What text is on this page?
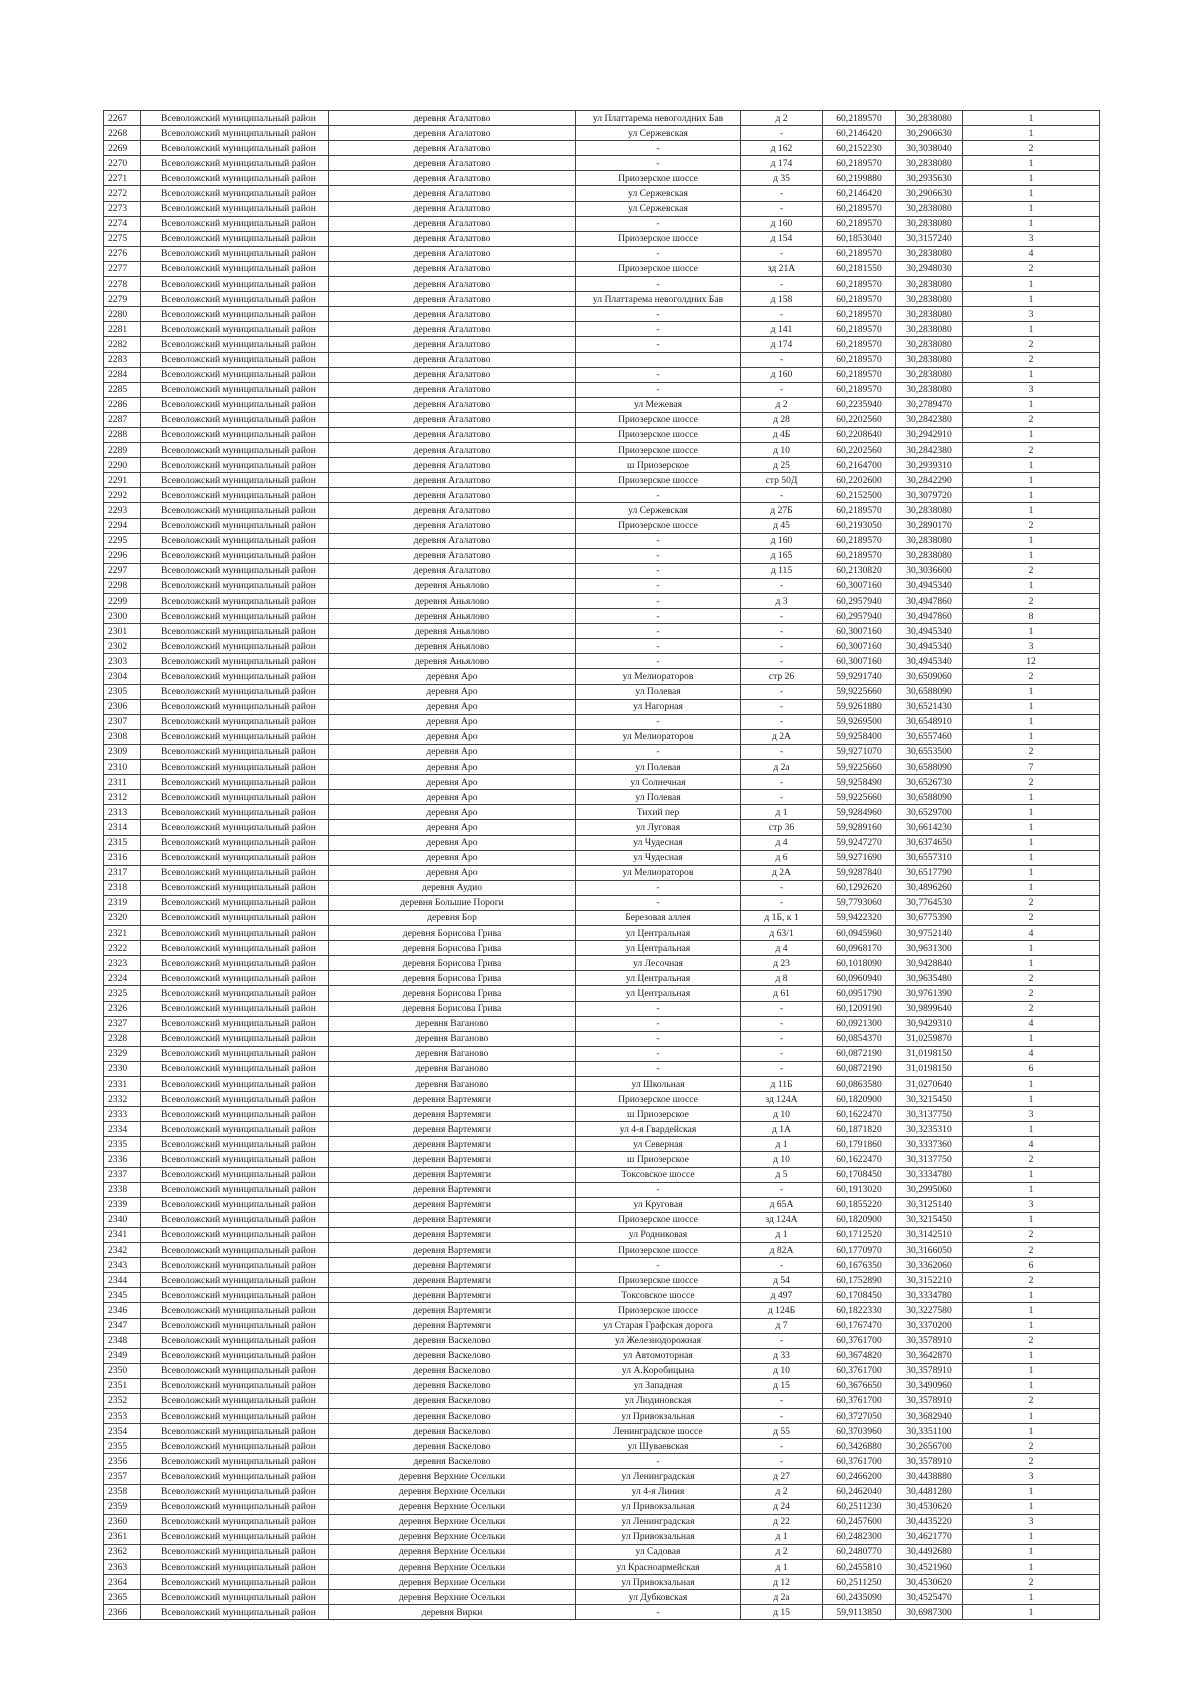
2267	Всеволожский муниципальный район	деревня Агалатово	ул Платтарема невоголдних Бав	д 2	60,2189570	30,2838080	1
2268	Всеволожский муниципальный район	деревня Агалатово	ул Сержевская	-	60,2146420	30,2906630	1
2269	Всеволожский муниципальный район	деревня Агалатово	-	д 162	60,2152230	30,3038040	2
2270	Всеволожский муниципальный район	деревня Агалатово	-	д 174	60,2189570	30,2838080	1
2271	Всеволожский муниципальный район	деревня Агалатово	Приозерское шоссе	д 35	60,2199880	30,2935630	1
2272	Всеволожский муниципальный район	деревня Агалатово	ул Сержевская	-	60,2146420	30,2906630	1
2273	Всеволожский муниципальный район	деревня Агалатово	ул Сержевская	-	60,2189570	30,2838080	1
2274	Всеволожский муниципальный район	деревня Агалатово	-	д 160	60,2189570	30,2838080	1
2275	Всеволожский муниципальный район	деревня Агалатово	Приозерское шоссе	д 154	60,1853040	30,3157240	3
2276	Всеволожский муниципальный район	деревня Агалатово	-	-	60,2189570	30,2838080	4
2277	Всеволожский муниципальный район	деревня Агалатово	Приозерское шоссе	зд 21А	60,2181550	30,2948030	2
2278	Всеволожский муниципальный район	деревня Агалатово	-	-	60,2189570	30,2838080	1
2279	Всеволожский муниципальный район	деревня Агалатово	ул Платтарема невоголдних Бав	д 158	60,2189570	30,2838080	1
2280	Всеволожский муниципальный район	деревня Агалатово	-	-	60,2189570	30,2838080	3
2281	Всеволожский муниципальный район	деревня Агалатово	-	д 141	60,2189570	30,2838080	1
2282	Всеволожский муниципальный район	деревня Агалатово	-	д 174	60,2189570	30,2838080	2
2283	Всеволожский муниципальный район	деревня Агалатово		-	60,2189570	30,2838080	2
2284	Всеволожский муниципальный район	деревня Агалатово	-	д 160	60,2189570	30,2838080	1
2285	Всеволожский муниципальный район	деревня Агалатово	-	-	60,2189570	30,2838080	3
2286	Всеволожский муниципальный район	деревня Агалатово	ул Межевая	д 2	60,2235940	30,2789470	1
2287	Всеволожский муниципальный район	деревня Агалатово	Приозерское шоссе	д 28	60,2202560	30,2842380	2
2288	Всеволожский муниципальный район	деревня Агалатово	Приозерское шоссе	д 4Б	60,2208640	30,2942910	1
2289	Всеволожский муниципальный район	деревня Агалатово	Приозерское шоссе	д 10	60,2202560	30,2842380	2
2290	Всеволожский муниципальный район	деревня Агалатово	ш Приозерское	д 25	60,2164700	30,2939310	1
2291	Всеволожский муниципальный район	деревня Агалатово	Приозерское шоссе	стр 50Д	60,2202600	30,2842290	1
2292	Всеволожский муниципальный район	деревня Агалатово	-	-	60,2152500	30,3079720	1
2293	Всеволожский муниципальный район	деревня Агалатово	ул Сержевская	д 27Б	60,2189570	30,2838080	1
2294	Всеволожский муниципальный район	деревня Агалатово	Приозерское шоссе	д 45	60,2193050	30,2890170	2
2295	Всеволожский муниципальный район	деревня Агалатово	-	д 160	60,2189570	30,2838080	1
2296	Всеволожский муниципальный район	деревня Агалатово	-	д 165	60,2189570	30,2838080	1
2297	Всеволожский муниципальный район	деревня Агалатово	-	д 115	60,2130820	30,3036600	2
2298	Всеволожский муниципальный район	деревня Аньялово	-	-	60,3007160	30,4945340	1
2299	Всеволожский муниципальный район	деревня Аньялово	-	д 3	60,2957940	30,4947860	2
2300	Всеволожский муниципальный район	деревня Аньялово	-	-	60,2957940	30,4947860	8
2301	Всеволожский муниципальный район	деревня Аньялово	-	-	60,3007160	30,4945340	1
2302	Всеволожский муниципальный район	деревня Аньялово	-	-	60,3007160	30,4945340	3
2303	Всеволожский муниципальный район	деревня Аньялово	-	-	60,3007160	30,4945340	12
2304	Всеволожский муниципальный район	деревня Аро	ул Мелиораторов	стр 26	59,9291740	30,6509060	2
2305	Всеволожский муниципальный район	деревня Аро	ул Полевая	-	59,9225660	30,6588090	1
2306	Всеволожский муниципальный район	деревня Аро	ул Нагорная	-	59,9261880	30,6521430	1
2307	Всеволожский муниципальный район	деревня Аро	-	-	59,9269500	30,6548910	1
2308	Всеволожский муниципальный район	деревня Аро	ул Мелиораторов	д 2А	59,9258400	30,6557460	1
2309	Всеволожский муниципальный район	деревня Аро	-	-	59,9271070	30,6553500	2
2310	Всеволожский муниципальный район	деревня Аро	ул Полевая	д 2а	59,9225660	30,6588090	7
2311	Всеволожский муниципальный район	деревня Аро	ул Солнечная	-	59,9258490	30,6526730	2
2312	Всеволожский муниципальный район	деревня Аро	ул Полевая	-	59,9225660	30,6588090	1
2313	Всеволожский муниципальный район	деревня Аро	Тихий пер	д 1	59,9284960	30,6529700	1
2314	Всеволожский муниципальный район	деревня Аро	ул Луговая	стр 36	59,9289160	30,6614230	1
2315	Всеволожский муниципальный район	деревня Аро	ул Чудесная	д 4	59,9247270	30,6374650	1
2316	Всеволожский муниципальный район	деревня Аро	ул Чудесная	д 6	59,9271690	30,6557310	1
2317	Всеволожский муниципальный район	деревня Аро	ул Мелиораторов	д 2А	59,9287840	30,6517790	1
2318	Всеволожский муниципальный район	деревня Аудио	-	-	60,1292620	30,4896260	1
2319	Всеволожский муниципальный район	деревня Большие Пороги	-	-	59,7793060	30,7764530	2
2320	Всеволожский муниципальный район	деревня Бор	Березовая аллея	д 1Б, к 1	59,9422320	30,6775390	2
2321	Всеволожский муниципальный район	деревня Борисова Грива	ул Центральная	д 63/1	60,0945960	30,9752140	4
2322	Всеволожский муниципальный район	деревня Борисова Грива	ул Центральная	д 4	60,0968170	30,9631300	1
2323	Всеволожский муниципальный район	деревня Борисова Грива	ул Лесочная	д 23	60,1018090	30,9428840	1
2324	Всеволожский муниципальный район	деревня Борисова Грива	ул Центральная	д 8	60,0960940	30,9635480	2
2325	Всеволожский муниципальный район	деревня Борисова Грива	ул Центральная	д 61	60,0951790	30,9761390	2
2326	Всеволожский муниципальный район	деревня Борисова Грива	-	-	60,1209190	30,9899640	2
2327	Всеволожский муниципальный район	деревня Ваганово	-	-	60,0921300	30,9429310	4
2328	Всеволожский муниципальный район	деревня Ваганово	-	-	60,0854370	31,0259870	1
2329	Всеволожский муниципальный район	деревня Ваганово	-	-	60,0872190	31,0198150	4
2330	Всеволожский муниципальный район	деревня Ваганово	-	-	60,0872190	31,0198150	6
2331	Всеволожский муниципальный район	деревня Ваганово	ул Школьная	д 11Б	60,0863580	31,0270640	1
2332	Всеволожский муниципальный район	деревня Вартемяги	Приозерское шоссе	зд 124А	60,1820900	30,3215450	1
2333	Всеволожский муниципальный район	деревня Вартемяги	ш Приозерское	д 10	60,1622470	30,3137750	3
2334	Всеволожский муниципальный район	деревня Вартемяги	ул 4-я Гвардейская	д 1А	60,1871820	30,3235310	1
2335	Всеволожский муниципальный район	деревня Вартемяги	ул Северная	д 1	60,1791860	30,3337360	4
2336	Всеволожский муниципальный район	деревня Вартемяги	ш Приозерское	д 10	60,1622470	30,3137750	2
2337	Всеволожский муниципальный район	деревня Вартемяги	Токсовское шоссе	д 5	60,1708450	30,3334780	1
2338	Всеволожский муниципальный район	деревня Вартемяги	-	-	60,1913020	30,2995060	1
2339	Всеволожский муниципальный район	деревня Вартемяги	ул Круговая	д 65А	60,1855220	30,3125140	3
2340	Всеволожский муниципальный район	деревня Вартемяги	Приозерское шоссе	зд 124А	60,1820900	30,3215450	1
2341	Всеволожский муниципальный район	деревня Вартемяги	ул Родниковая	д 1	60,1712520	30,3142510	2
2342	Всеволожский муниципальный район	деревня Вартемяги	Приозерское шоссе	д 82А	60,1770970	30,3166050	2
2343	Всеволожский муниципальный район	деревня Вартемяги	-	-	60,1676350	30,3362060	6
2344	Всеволожский муниципальный район	деревня Вартемяги	Приозерское шоссе	д 54	60,1752890	30,3152210	2
2345	Всеволожский муниципальный район	деревня Вартемяги	Токсовское шоссе	д 497	60,1708450	30,3334780	1
2346	Всеволожский муниципальный район	деревня Вартемяги	Приозерское шоссе	д 124Б	60,1822330	30,3227580	1
2347	Всеволожский муниципальный район	деревня Вартемяги	ул Старая Графская дорога	д 7	60,1767470	30,3370200	1
2348	Всеволожский муниципальный район	деревня Васкелово	ул Железнодорожная	-	60,3761700	30,3578910	2
2349	Всеволожский муниципальный район	деревня Васкелово	ул Автомоторная	д 33	60,3674820	30,3642870	1
2350	Всеволожский муниципальный район	деревня Васкелово	ул А.Коробицына	д 10	60,3761700	30,3578910	1
2351	Всеволожский муниципальный район	деревня Васкелово	ул Западная	д 15	60,3676650	30,3490960	1
2352	Всеволожский муниципальный район	деревня Васкелово	ул Людиновская	-	60,3761700	30,3578910	2
2353	Всеволожский муниципальный район	деревня Васкелово	ул Привокзальная	-	60,3727050	30,3682940	1
2354	Всеволожский муниципальный район	деревня Васкелово	Ленинградское шоссе	д 55	60,3703960	30,3351100	1
2355	Всеволожский муниципальный район	деревня Васкелово	ул Шуваевская	-	60,3426880	30,2656700	2
2356	Всеволожский муниципальный район	деревня Васкелово	-	-	60,3761700	30,3578910	2
2357	Всеволожский муниципальный район	деревня Верхние Осельки	ул Ленинградская	д 27	60,2466200	30,4438880	3
2358	Всеволожский муниципальный район	деревня Верхние Осельки	ул 4-я Линия	д 2	60,2462040	30,4481280	1
2359	Всеволожский муниципальный район	деревня Верхние Осельки	ул Привокзальная	д 24	60,2511230	30,4530620	1
2360	Всеволожский муниципальный район	деревня Верхние Осельки	ул Ленинградская	д 22	60,2457600	30,4435220	3
2361	Всеволожский муниципальный район	деревня Верхние Осельки	ул Привокзальная	д 1	60,2482300	30,4621770	1
2362	Всеволожский муниципальный район	деревня Верхние Осельки	ул Садовая	д 2	60,2480770	30,4492680	1
2363	Всеволожский муниципальный район	деревня Верхние Осельки	ул Красноармейская	д 1	60,2455810	30,4521960	1
2364	Всеволожский муниципальный район	деревня Верхние Осельки	ул Привокзальная	д 12	60,2511250	30,4530620	2
2365	Всеволожский муниципальный район	деревня Верхние Осельки	ул Дубковская	д 2а	60,2435090	30,4525470	1
2366	Всеволожский муниципальный район	деревня Вирки	-	д 15	59,9113850	30,6987300	1
